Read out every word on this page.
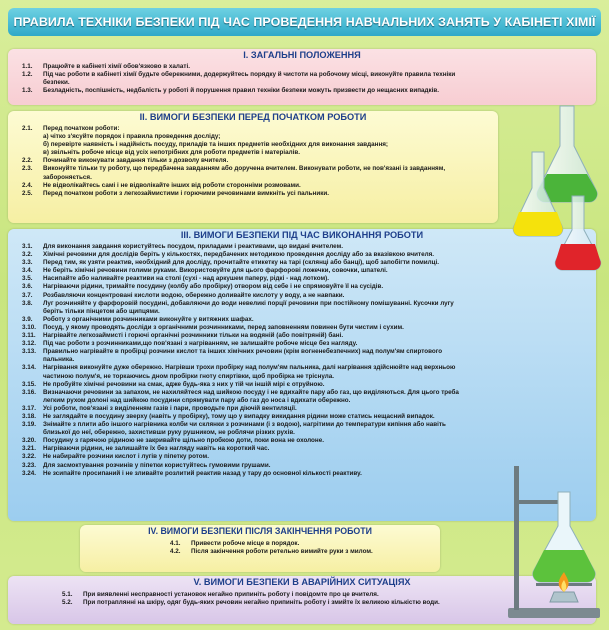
ПРАВИЛА ТЕХНІКИ БЕЗПЕКИ ПІД ЧАС ПРОВЕДЕННЯ НАВЧАЛЬНИХ ЗАНЯТЬ У КАБІНЕТІ ХІМІЇ
I. ЗАГАЛЬНІ ПОЛОЖЕННЯ
1.1.	Працюйте в кабінеті хімії обов'язково в халаті.
1.2.	Під час роботи в кабінеті хімії будьте обережними, додержуйтесь порядку й чистоти на робочому місці, виконуйте правила техніки
безпеки.
1.3.	Безладність, поспішність, недбалість у роботі й порушення правил техніки безпеки можуть призвести до нещасних випадків.
II. ВИМОГИ БЕЗПЕКИ ПЕРЕД ПОЧАТКОМ РОБОТИ
2.1.	Перед початком роботи:
а) чітко з'ясуйте порядок і правила проведення досліду;
б) перевірте наявність і надійність посуду, приладів та інших предметів необхідних для виконання завдання;
в) звільніть робоче місце від усіх непотрібних для роботи предметів і матеріалів.
2.2.	Починайте виконувати завдання тільки з дозволу вчителя.
2.3.	Виконуйте тільки ту роботу, що передбачена завданням або доручена вчителем. Виконувати роботи, не пов'язані із завданням,
забороняється.
2.4.	Не відволікайтесь самі і не відволікайте інших від роботи сторонніми розмовами.
2.5.	Перед початком роботи з легкозаймистими і горючими речовинами вимкніть усі пальники.
III. ВИМОГИ БЕЗПЕКИ ПІД ЧАС ВИКОНАННЯ РОБОТИ
3.1.	Для виконання завдання користуйтесь посудом, приладами і реактивами, що видані вчителем.
3.2.	Хімічні речовини для дослідів беріть у кількостях, передбачених методикою проведення досліду або за вказівкою вчителя.
3.3.	Перед тим, як узяти реактив, необхідний для досліду, прочитайте етикетку на тарі (склянці або банці), щоб запобігти помилці.
3.4.	Не беріть хімічні речовини голими руками. Використовуйте для цього фарфорові ложечки, совочки, шпателі.
3.5.	Насипайте або наливайте реактиви на столі (сухі - над аркушем паперу, рідкі - над лотком).
3.6.	Нагріваючи рідини, тримайте посудину (колбу або пробірку) отвором від себе і не спрямовуйте її на сусідів.
3.7.	Розбавляючи концентровані кислоти водою, обережно доливайте кислоту у воду, а не навпаки.
3.8.	Луг розчиняйте у фарфоровій посудині, добавляючи до води невеликі порції речовини при постійному помішуванні. Кусочки лугу
беріть тільки пінцетом або щипцями.
3.9.	Роботу з органічними розчинниками виконуйте у витяжних шафах.
3.10.	Посуд, у якому проводять досліди з органічними розчинниками, перед заповненням повинен бути чистим і сухим.
3.11.	Нагрівайте легкозаймисті і горючі органічні розчинники тільки на водяній (або повітряній) бані.
3.12.	Під час роботи з розчинниками,що пов'язані з нагріванням, не залишайте робоче місце без нагляду.
3.13.	Правильно нагрівайте в пробірці розчини кислот та інших хімічних речовин (крім вогненебезпечних) над полум'ям спиртового
пальника.
3.14.	Нагрівання виконуйте дуже обережно. Нагрівши трохи пробірку над полум'ям пальника, далі нагрівання здійснюйте над верхньою
частиною полум'я, не торкаючись дном пробірки гноту спиртівки, щоб пробірка не тріснула.
3.15.	Не пробуйте хімічні речовини на смак, адже будь-яка з них у тій чи іншій мірі є отруйною.
3.16.	Визначаючи речовини за запахом, не нахиляйтеся над шийкою посуду і не вдихайте пару або газ, що виділяються. Для цього треба
легким рухом долоні над шийкою посудини спрямувати пару або газ до носа і вдихати обережно.
3.17.	Усі роботи, пов'язані з виділенням газів і пари, проводьте при діючій вентиляції.
3.18.	Не заглядайте в посудину зверху (навіть у пробірку), тому що у випадку викидання рідини може статись нещасний випадок.
3.19.	Знімайте з плити або іншого нагрівника колби чи склянки з розчинами (і з водою), нагрітими до температури кипіння або навіть
близької до неї, обережно, захистивши руку рушником, не роблячи різких рухів.
3.20.	Посудину з гарячою рідиною не закривайте щільно пробкою доти, поки вона не охолоне.
3.21.	Нагріваючи рідини, не залишайте їх без нагляду навіть на короткий час.
3.22.	Не набирайте розчини кислот і лугів у піпетку ротом.
3.23.	Для засмоктування розчинів у піпетки користуйтесь гумовими грушами.
3.24.	Не зсипайте просипаний і не зливайте розлитий реактив назад у тару до основної кількості реактиву.
IV. ВИМОГИ БЕЗПЕКИ ПІСЛЯ ЗАКІНЧЕННЯ РОБОТИ
4.1.	Привести робоче місце в порядок.
4.2.	Після закінчення роботи ретельно вимийте руки з милом.
V. ВИМОГИ БЕЗПЕКИ В АВАРІЙНИХ СИТУАЦІЯХ
5.1.	При виявленні несправності установок негайно припиніть роботу і повідомте про це вчителя.
5.2.	При потраплянні на шкіру, одяг будь-яких речовин негайно припиніть роботу і змийте їх великою кількістю води.
